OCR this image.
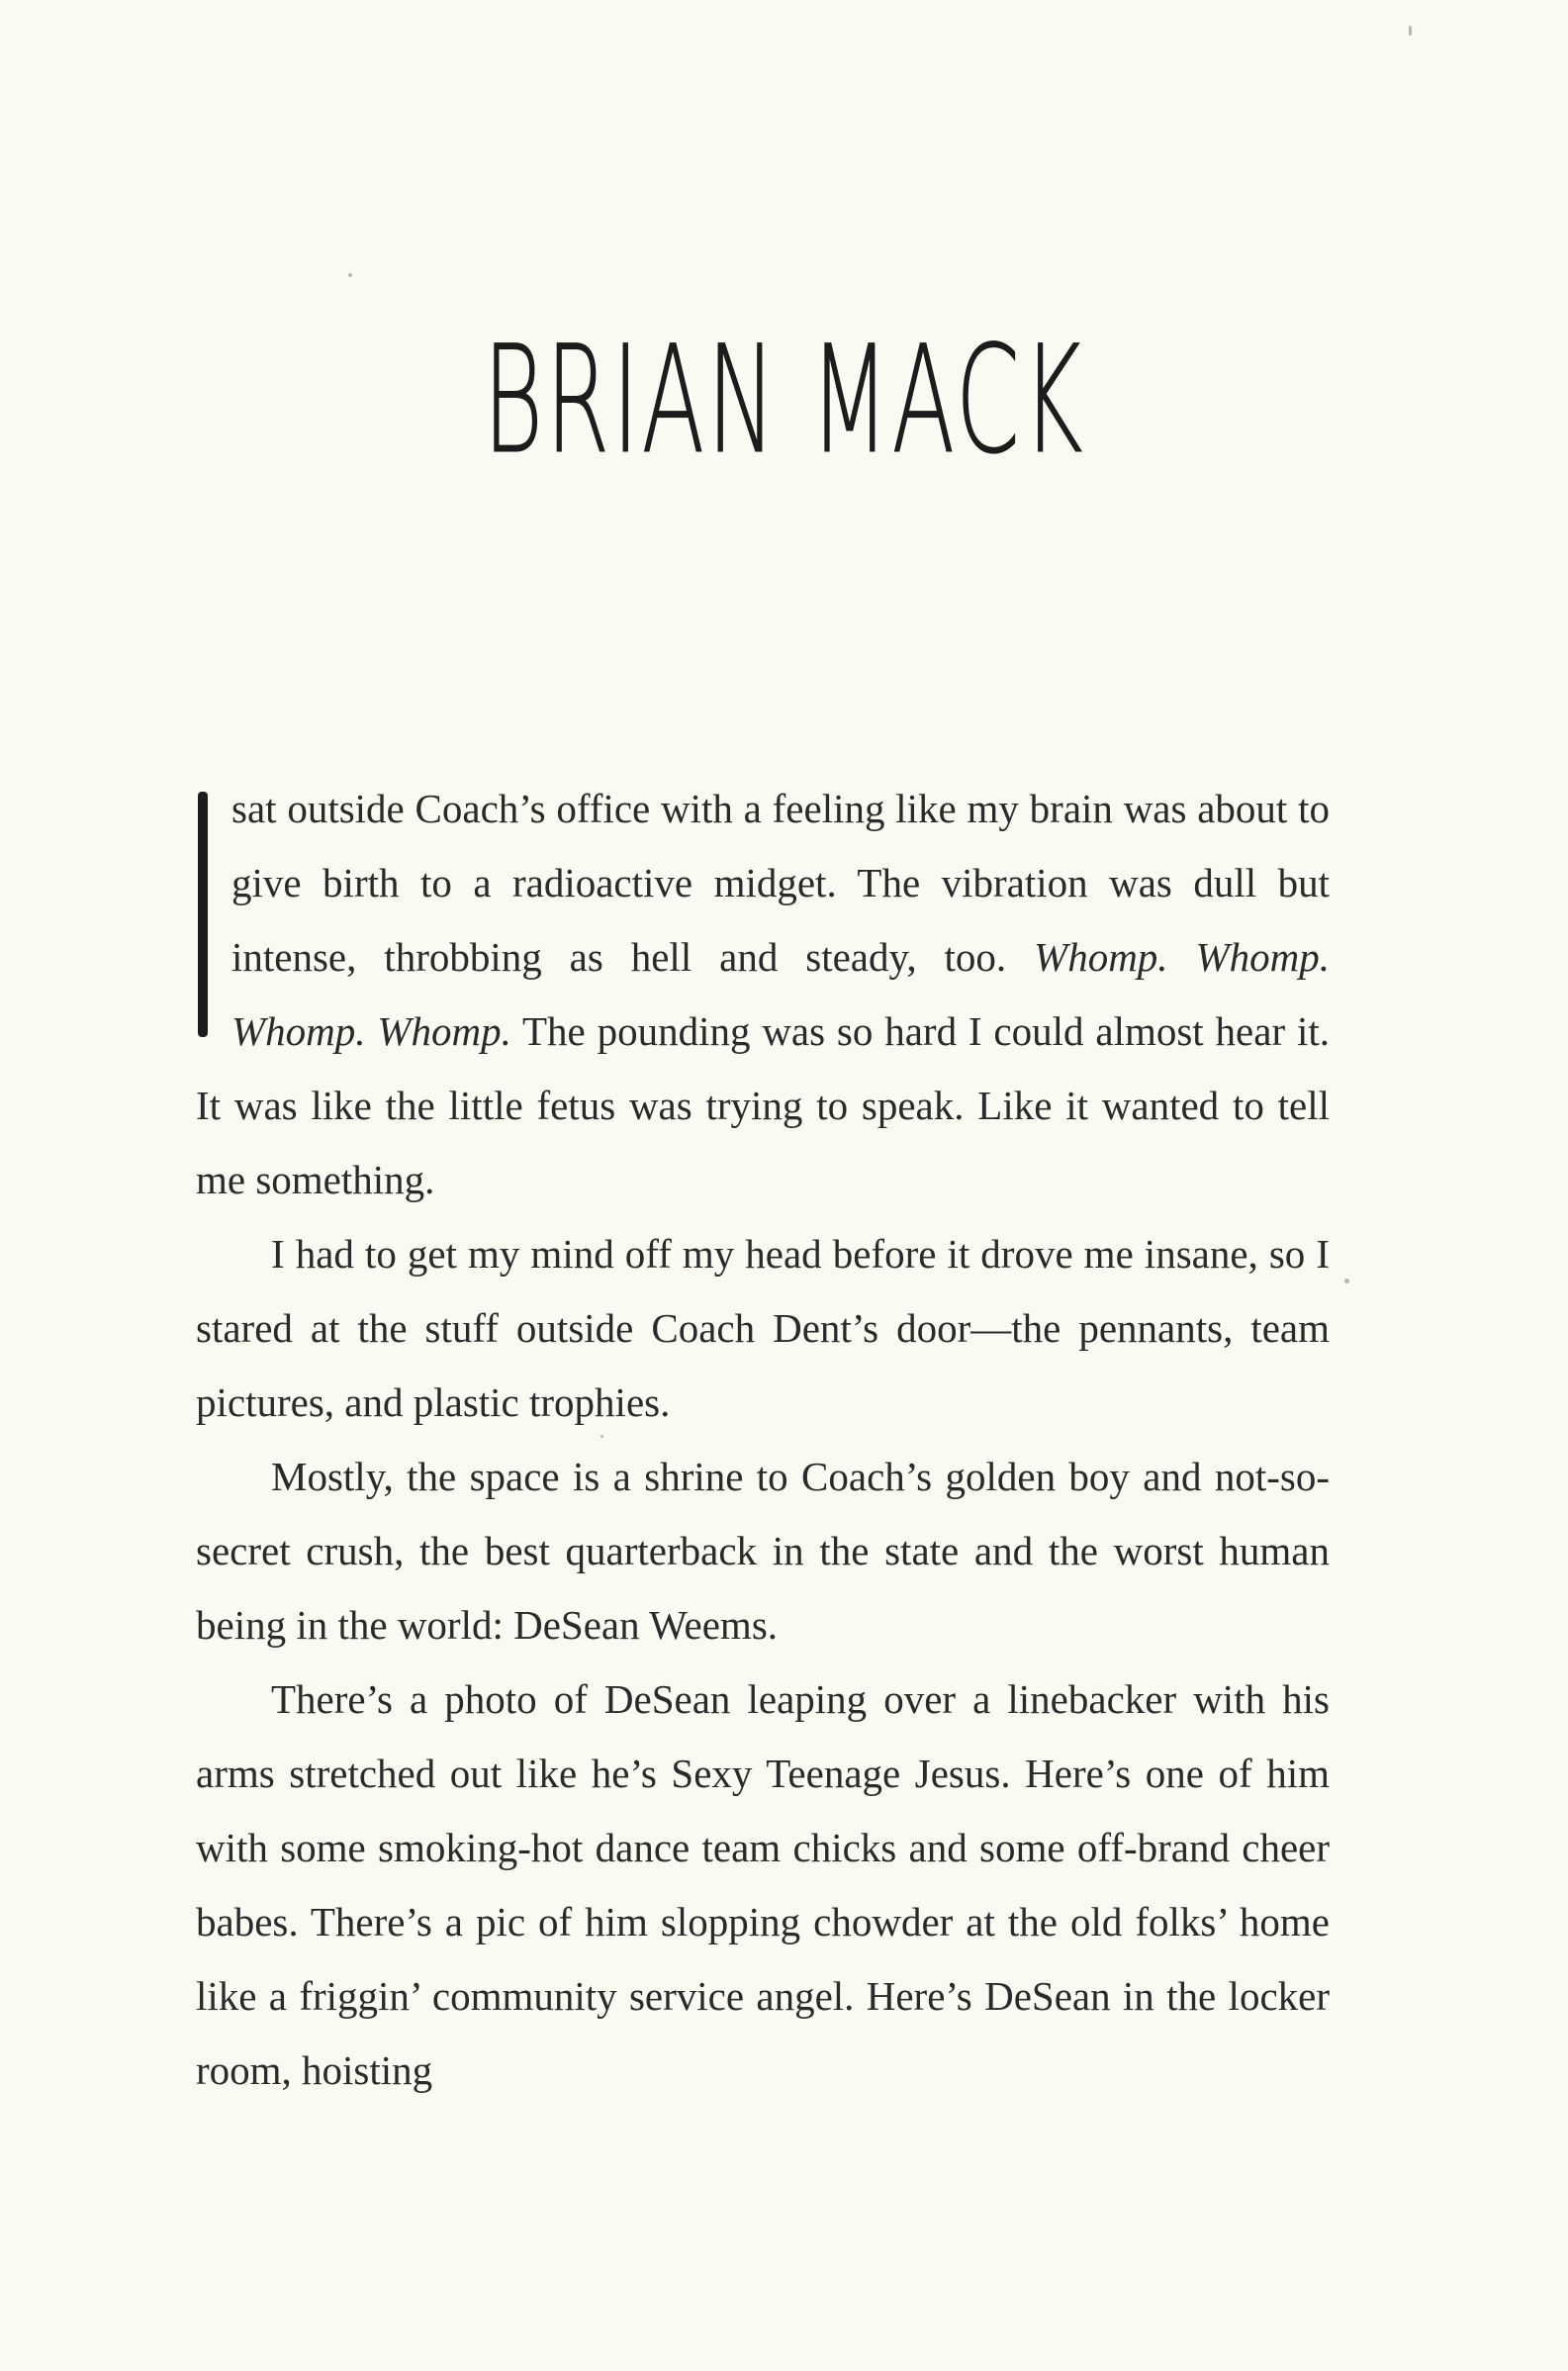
BRIAN MACK

sat outside Coach’s office with a feeling like my brain was about to give birth to a radioactive midget. The vibration was dull but intense, throbbing as hell and steady, too. Whomp. Whomp. Whomp. Whomp. The pounding was so hard I could almost hear it. It was like the little fetus was trying to speak. Like it wanted to tell me something.

I had to get my mind off my head before it drove me insane, so I stared at the stuff outside Coach Dent’s door—the pennants, team pictures, and plastic trophies.

Mostly, the space is a shrine to Coach’s golden boy and not-so-secret crush, the best quarterback in the state and the worst human being in the world: DeSean Weems.

There’s a photo of DeSean leaping over a linebacker with his arms stretched out like he’s Sexy Teenage Jesus. Here’s one of him with some smoking-hot dance team chicks and some off-brand cheer babes. There’s a pic of him slopping chowder at the old folks’ home like a friggin’ community service angel. Here’s DeSean in the locker room, hoisting
